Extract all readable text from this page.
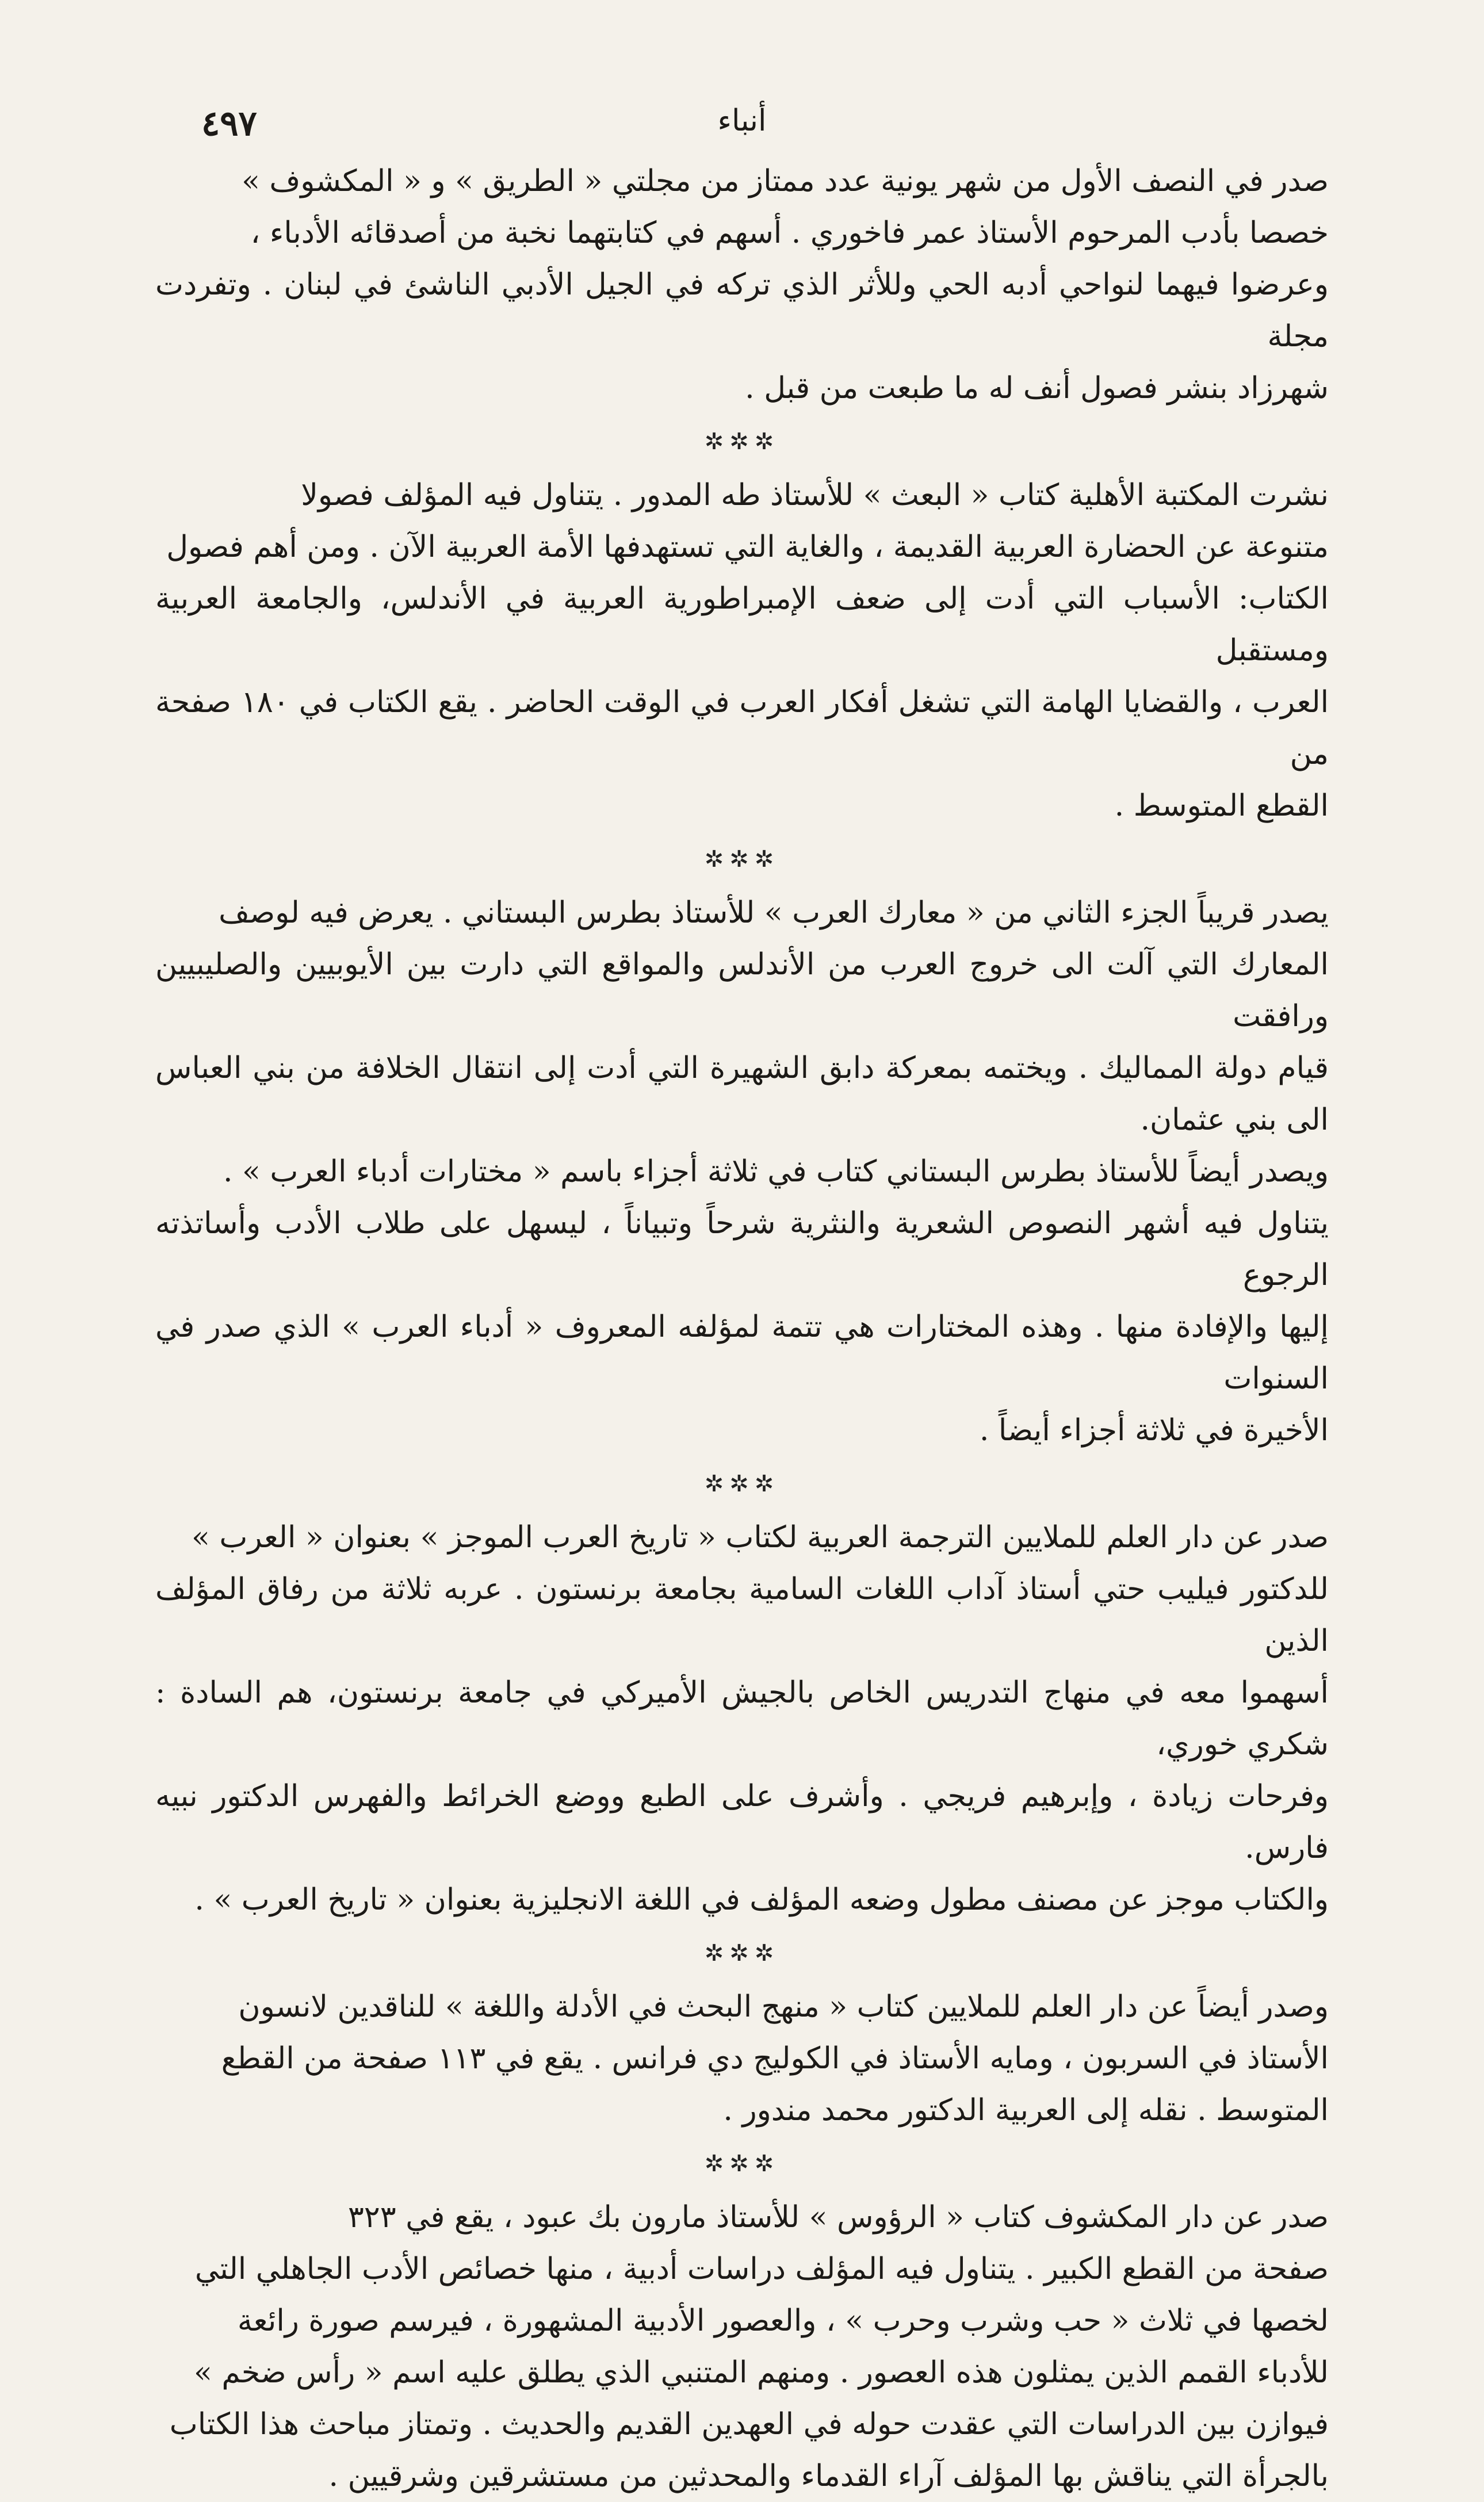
أنباء
٤٩٧

صدر في النصف الأول من شهر يونية عدد ممتاز من مجلتي « الطريق » و « المكشوف »

خصصا بأدب المرحوم الأستاذ عمر فاخوري . أسهم في كتابتهما نخبة من أصدقائه الأدباء ،

وعرضوا فيهما لنواحي أدبه الحي وللأثر الذي تركه في الجيل الأدبي الناشئ في لبنان . وتفردت مجلة

شهرزاد بنشر فصول أنف له ما طبعت من قبل .

✲✲✲

نشرت المكتبة الأهلية كتاب « البعث » للأستاذ طه المدور . يتناول فيه المؤلف فصولا

متنوعة عن الحضارة العربية القديمة ، والغاية التي تستهدفها الأمة العربية الآن . ومن أهم فصول

الكتاب: الأسباب التي أدت إلى ضعف الإمبراطورية العربية في الأندلس، والجامعة العربية ومستقبل

العرب ، والقضايا الهامة التي تشغل أفكار العرب في الوقت الحاضر . يقع الكتاب في ١٨٠ صفحة من

القطع المتوسط .

✲✲✲

يصدر قريباً الجزء الثاني من « معارك العرب » للأستاذ بطرس البستاني . يعرض فيه لوصف

المعارك التي آلت الى خروج العرب من الأندلس والمواقع التي دارت بين الأيوبيين والصليبيين ورافقت

قيام دولة المماليك . ويختمه بمعركة دابق الشهيرة التي أدت إلى انتقال الخلافة من بني العباس الى بني عثمان.

ويصدر أيضاً للأستاذ بطرس البستاني كتاب في ثلاثة أجزاء باسم « مختارات أدباء العرب » .

يتناول فيه أشهر النصوص الشعرية والنثرية شرحاً وتبياناً ، ليسهل على طلاب الأدب وأساتذته الرجوع

إليها والإفادة منها . وهذه المختارات هي تتمة لمؤلفه المعروف « أدباء العرب » الذي صدر في السنوات

الأخيرة في ثلاثة أجزاء أيضاً .

✲✲✲

صدر عن دار العلم للملايين الترجمة العربية لكتاب « تاريخ العرب الموجز » بعنوان « العرب »

للدكتور فيليب حتي أستاذ آداب اللغات السامية بجامعة برنستون . عربه ثلاثة من رفاق المؤلف الذين

أسهموا معه في منهاج التدريس الخاص بالجيش الأميركي في جامعة برنستون، هم السادة : شكري خوري،

وفرحات زيادة ، وإبرهيم فريجي . وأشرف على الطبع ووضع الخرائط والفهرس الدكتور نبيه فارس.

والكتاب موجز عن مصنف مطول وضعه المؤلف في اللغة الانجليزية بعنوان « تاريخ العرب » .

✲✲✲

وصدر أيضاً عن دار العلم للملايين كتاب « منهج البحث في الأدلة واللغة » للناقدين لانسون

الأستاذ في السربون ، ومايه الأستاذ في الكوليج دي فرانس . يقع في ١١٣ صفحة من القطع

المتوسط . نقله إلى العربية الدكتور محمد مندور .

✲✲✲

صدر عن دار المكشوف كتاب « الرؤوس » للأستاذ مارون بك عبود ، يقع في ٣٢٣

صفحة من القطع الكبير . يتناول فيه المؤلف دراسات أدبية ، منها خصائص الأدب الجاهلي التي

لخصها في ثلاث « حب وشرب وحرب » ، والعصور الأدبية المشهورة ، فيرسم صورة رائعة

للأدباء القمم الذين يمثلون هذه العصور . ومنهم المتنبي الذي يطلق عليه اسم « رأس ضخم »

فيوازن بين الدراسات التي عقدت حوله في العهدين القديم والحديث . وتمتاز مباحث هذا الكتاب

بالجرأة التي يناقش بها المؤلف آراء القدماء والمحدثين من مستشرقين وشرقيين .
